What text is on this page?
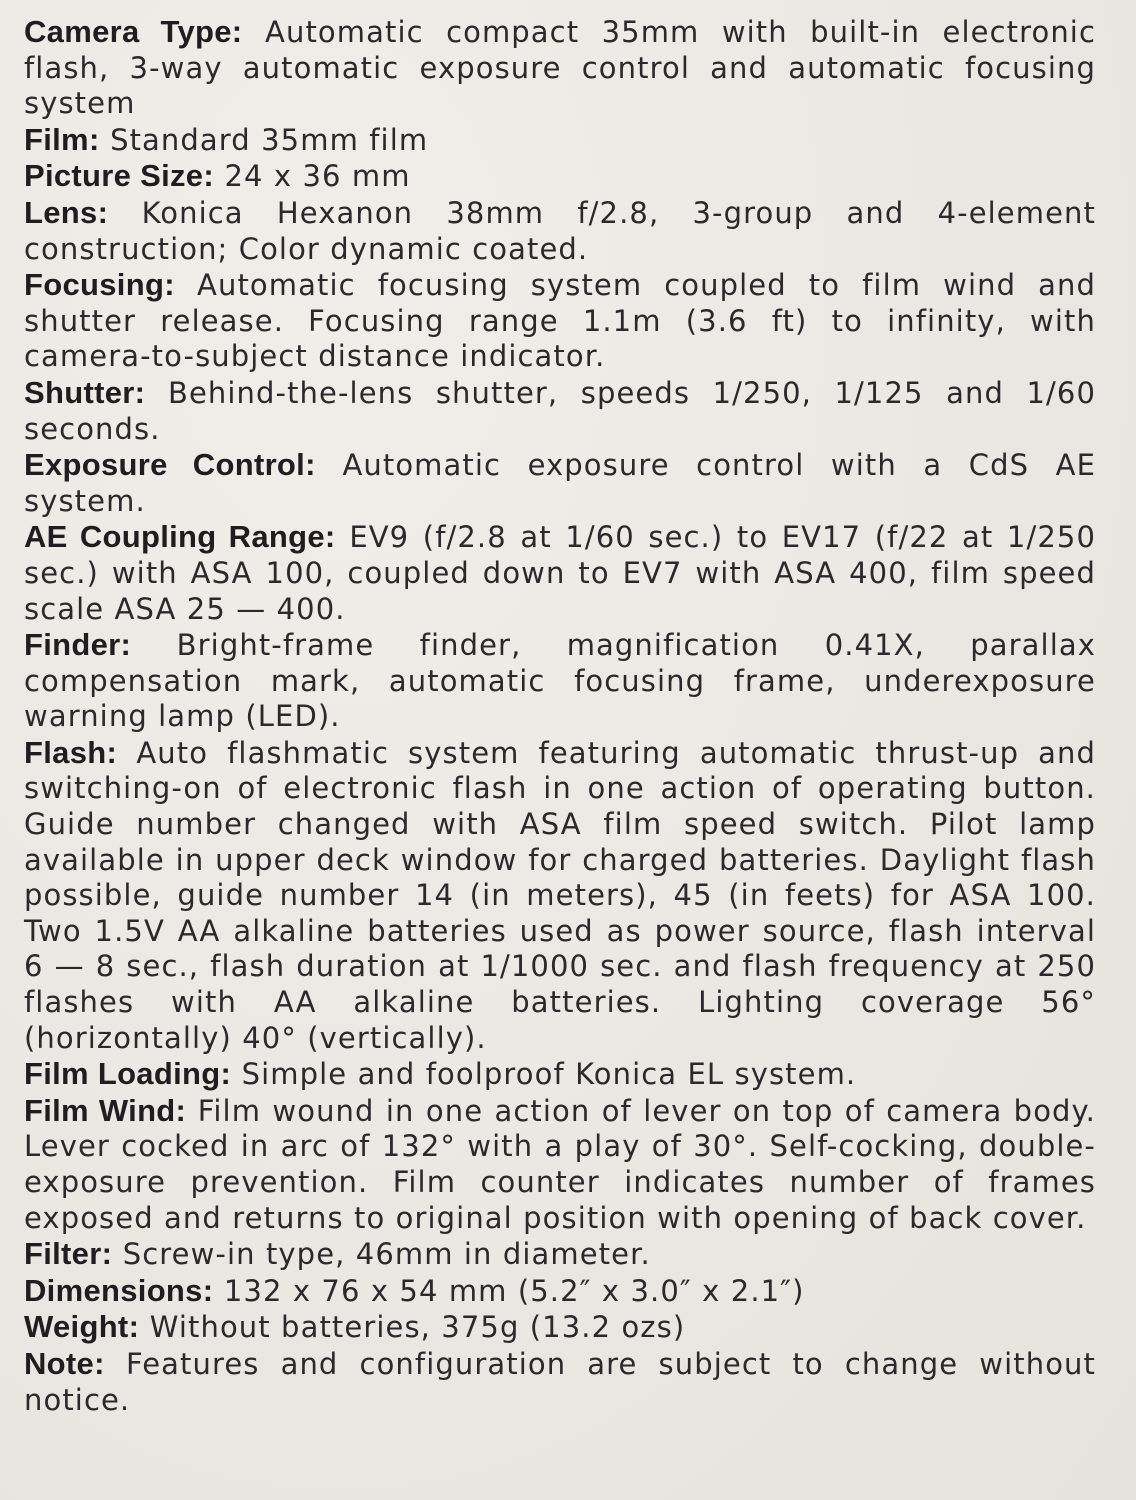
Camera Type: Automatic compact 35mm with built-in electronic flash, 3-way automatic exposure control and automatic focusing system

Film: Standard 35mm film

Picture Size: 24 x 36 mm

Lens: Konica Hexanon 38mm f/2.8, 3-group and 4-element construction; Color dynamic coated.

Focusing: Automatic focusing system coupled to film wind and shutter release. Focusing range 1.1m (3.6 ft) to infinity, with camera-to-subject distance indicator.

Shutter: Behind-the-lens shutter, speeds 1/250, 1/125 and 1/60 seconds.

Exposure Control: Automatic exposure control with a CdS AE system.

AE Coupling Range: EV9 (f/2.8 at 1/60 sec.) to EV17 (f/22 at 1/250 sec.) with ASA 100, coupled down to EV7 with ASA 400, film speed scale ASA 25 — 400.

Finder: Bright-frame finder, magnification 0.41X, parallax compensation mark, automatic focusing frame, underexposure warning lamp (LED).

Flash: Auto flashmatic system featuring automatic thrust-up and switching-on of electronic flash in one action of operating button. Guide number changed with ASA film speed switch. Pilot lamp available in upper deck window for charged batteries. Daylight flash possible, guide number 14 (in meters), 45 (in feets) for ASA 100. Two 1.5V AA alkaline batteries used as power source, flash interval 6 — 8 sec., flash duration at 1/1000 sec. and flash frequency at 250 flashes with AA alkaline batteries. Lighting coverage 56° (horizontally) 40° (vertically).

Film Loading: Simple and foolproof Konica EL system.

Film Wind: Film wound in one action of lever on top of camera body. Lever cocked in arc of 132° with a play of 30°. Self-cocking, double-exposure prevention. Film counter indicates number of frames exposed and returns to original position with opening of back cover.

Filter: Screw-in type, 46mm in diameter.

Dimensions: 132 x 76 x 54 mm (5.2″ x 3.0″ x 2.1″)

Weight: Without batteries, 375g (13.2 ozs)

Note: Features and configuration are subject to change without notice.
